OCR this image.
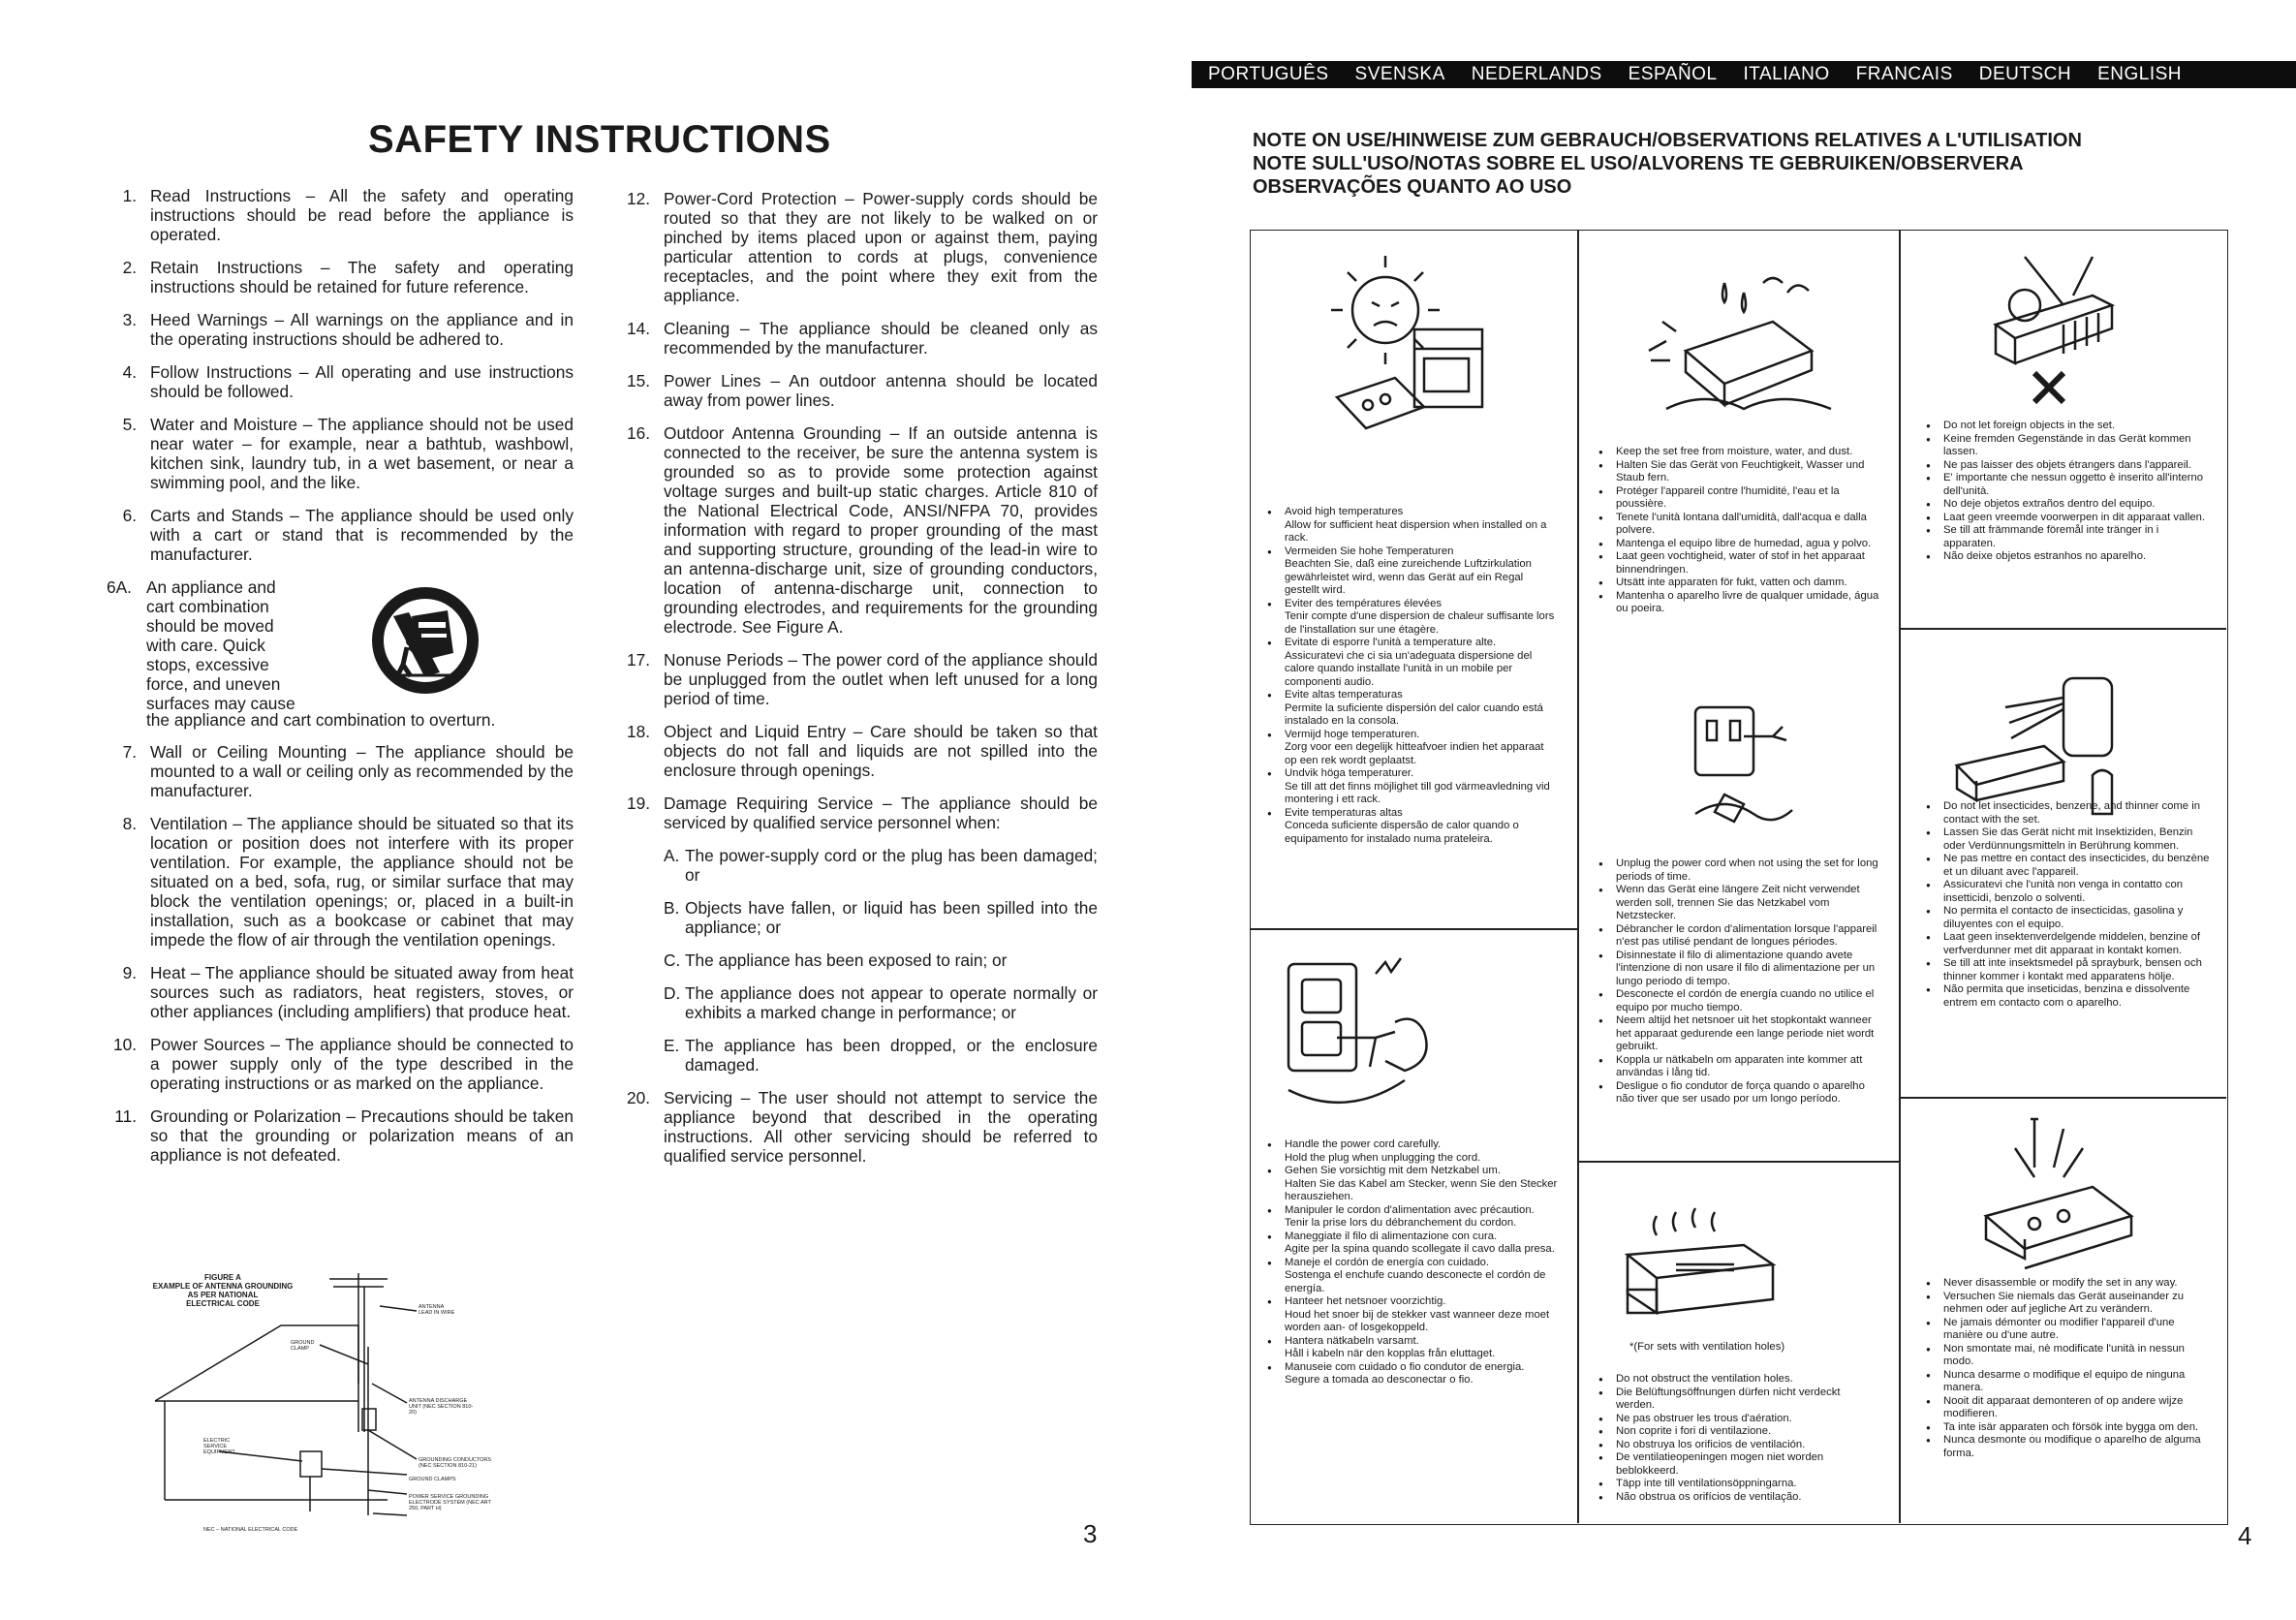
SAFETY INSTRUCTIONS
1. Read Instructions – All the safety and operating instructions should be read before the appliance is operated.
2. Retain Instructions – The safety and operating instructions should be retained for future reference.
3. Heed Warnings – All warnings on the appliance and in the operating instructions should be adhered to.
4. Follow Instructions – All operating and use instructions should be followed.
5. Water and Moisture – The appliance should not be used near water – for example, near a bathtub, washbowl, kitchen sink, laundry tub, in a wet basement, or near a swimming pool, and the like.
6. Carts and Stands – The appliance should be used only with a cart or stand that is recommended by the manufacturer.
6A. An appliance and cart combination should be moved with care. Quick stops, excessive force, and uneven surfaces may cause
the appliance and cart combination to overturn.
7. Wall or Ceiling Mounting – The appliance should be mounted to a wall or ceiling only as recommended by the manufacturer.
8. Ventilation – The appliance should be situated so that its location or position does not interfere with its proper ventilation. For example, the appliance should not be situated on a bed, sofa, rug, or similar surface that may block the ventilation openings; or, placed in a built-in installation, such as a bookcase or cabinet that may impede the flow of air through the ventilation openings.
9. Heat – The appliance should be situated away from heat sources such as radiators, heat registers, stoves, or other appliances (including amplifiers) that produce heat.
10. Power Sources – The appliance should be connected to a power supply only of the type described in the operating instructions or as marked on the appliance.
11. Grounding or Polarization – Precautions should be taken so that the grounding or polarization means of an appliance is not defeated.
12. Power-Cord Protection – Power-supply cords should be routed so that they are not likely to be walked on or pinched by items placed upon or against them, paying particular attention to cords at plugs, convenience receptacles, and the point where they exit from the appliance.
14. Cleaning – The appliance should be cleaned only as recommended by the manufacturer.
15. Power Lines – An outdoor antenna should be located away from power lines.
16. Outdoor Antenna Grounding – If an outside antenna is connected to the receiver, be sure the antenna system is grounded so as to provide some protection against voltage surges and built-up static charges. Article 810 of the National Electrical Code, ANSI/NFPA 70, provides information with regard to proper grounding of the mast and supporting structure, grounding of the lead-in wire to an antenna-discharge unit, size of grounding conductors, location of antenna-discharge unit, connection to grounding electrodes, and requirements for the grounding electrode. See Figure A.
17. Nonuse Periods – The power cord of the appliance should be unplugged from the outlet when left unused for a long period of time.
18. Object and Liquid Entry – Care should be taken so that objects do not fall and liquids are not spilled into the enclosure through openings.
19. Damage Requiring Service – The appliance should be serviced by qualified service personnel when:
A. The power-supply cord or the plug has been damaged; or
B. Objects have fallen, or liquid has been spilled into the appliance; or
C. The appliance has been exposed to rain; or
D. The appliance does not appear to operate normally or exhibits a marked change in performance; or
E. The appliance has been dropped, or the enclosure damaged.
20. Servicing – The user should not attempt to service the appliance beyond that described in the operating instructions. All other servicing should be referred to qualified service personnel.
FIGURE A
EXAMPLE OF ANTENNA GROUNDING
AS PER NATIONAL
ELECTRICAL CODE	ANTENNA LEAD IN WIRE
GROUND CLAMP
ANTENNA DISCHARGE UNIT (NEC SECTION 810-20)
ELECTRIC SERVICE EQUIPMENT
GROUNDING CONDUCTORS (NEC SECTION 810-21)
GROUND CLAMPS
POWER SERVICE GROUNDING ELECTRODE SYSTEM (NEC ART 250, PART H)
NEC – NATIONAL ELECTRICAL CODE	3
PORTUGUÊS SVENSKA NEDERLANDS ESPAÑOL ITALIANO FRANCAIS DEUTSCH ENGLISH
NOTE ON USE/HINWEISE ZUM GEBRAUCH/OBSERVATIONS RELATIVES A L'UTILISATION
NOTE SULL'USO/NOTAS SOBRE EL USO/ALVORENS TE GEBRUIKEN/OBSERVERA
OBSERVAÇÕES QUANTO AO USO
● Avoid high temperatures
Allow for sufficient heat dispersion when installed on a rack.
● Vermeiden Sie hohe Temperaturen
Beachten Sie, daß eine zureichende Luftzirkulation gewährleistet wird, wenn das Gerät auf ein Regal gestellt wird.
● Eviter des températures élevées
Tenir compte d'une dispersion de chaleur suffisante lors de l'installation sur une étagère.
● Evitate di esporre l'unità a temperature alte.
Assicuratevi che ci sia un'adeguata dispersione del calore quando installate l'unità in un mobile per componenti audio.
● Evite altas temperaturas
Permite la suficiente dispersión del calor cuando está instalado en la consola.
● Vermijd hoge temperaturen.
Zorg voor een degelijk hitteafvoer indien het apparaat op een rek wordt geplaatst.
● Undvik höga temperaturer.
Se till att det finns möjlighet till god värmeavledning vid montering i ett rack.
● Evite temperaturas altas
Conceda suficiente dispersão de calor quando o equipamento for instalado numa prateleira.
● Keep the set free from moisture, water, and dust.
● Halten Sie das Gerät von Feuchtigkeit, Wasser und Staub fern.
● Protéger l'appareil contre l'humidité, l'eau et la poussière.
● Tenete l'unità lontana dall'umidità, dall'acqua e dalla polvere.
● Mantenga el equipo libre de humedad, agua y polvo.
● Laat geen vochtigheid, water of stof in het apparaat binnendringen.
● Utsätt inte apparaten för fukt, vatten och damm.
● Mantenha o aparelho livre de qualquer umidade, água ou poeira.
● Do not let foreign objects in the set.
● Keine fremden Gegenstände in das Gerät kommen lassen.
● Ne pas laisser des objets étrangers dans l'appareil.
● E' importante che nessun oggetto è inserito all'interno dell'unità.
● No deje objetos extraños dentro del equipo.
● Laat geen vreemde voorwerpen in dit apparaat vallen.
● Se till att främmande föremål inte tränger in i apparaten.
● Não deixe objetos estranhos no aparelho.
● Unplug the power cord when not using the set for long periods of time.
● Wenn das Gerät eine längere Zeit nicht verwendet werden soll, trennen Sie das Netzkabel vom Netzstecker.
● Débrancher le cordon d'alimentation lorsque l'appareil n'est pas utilisé pendant de longues périodes.
● Disinnestate il filo di alimentazione quando avete l'intenzione di non usare il filo di alimentazione per un lungo periodo di tempo.
● Desconecte el cordón de energía cuando no utilice el equipo por mucho tiempo.
● Neem altijd het netsnoer uit het stopkontakt wanneer het apparaat gedurende een lange periode niet wordt gebruikt.
● Koppla ur nätkabeln om apparaten inte kommer att användas i lång tid.
● Desligue o fio condutor de força quando o aparelho não tiver que ser usado por um longo período.
● Do not let insecticides, benzene, and thinner come in contact with the set.
● Lassen Sie das Gerät nicht mit Insektiziden, Benzin oder Verdünnungsmitteln in Berührung kommen.
● Ne pas mettre en contact des insecticides, du benzène et un diluant avec l'appareil.
● Assicuratevi che l'unità non venga in contatto con insetticidi, benzolo o solventi.
● No permita el contacto de insecticidas, gasolina y diluyentes con el equipo.
● Laat geen insektenverdelgende middelen, benzine of verfverdunner met dit apparaat in kontakt komen.
● Se till att inte insektsmedel på sprayburk, bensen och thinner kommer i kontakt med apparatens hölje.
● Não permita que inseticidas, benzina e dissolvente entrem em contacto com o aparelho.
● Handle the power cord carefully.
Hold the plug when unplugging the cord.
● Gehen Sie vorsichtig mit dem Netzkabel um.
Halten Sie das Kabel am Stecker, wenn Sie den Stecker herausziehen.
● Manipuler le cordon d'alimentation avec précaution.
Tenir la prise lors du débranchement du cordon.
● Maneggiate il filo di alimentazione con cura.
Agite per la spina quando scollegate il cavo dalla presa.
● Maneje el cordón de energía con cuidado.
Sostenga el enchufe cuando desconecte el cordón de energía.
● Hanteer het netsnoer voorzichtig.
Houd het snoer bij de stekker vast wanneer deze moet worden aan- of losgekoppeld.
● Hantera nätkabeln varsamt.
Håll i kabeln när den kopplas från eluttaget.
● Manuseie com cuidado o fio condutor de energia.
Segure a tomada ao desconectar o fio.
*(For sets with ventilation holes)
● Do not obstruct the ventilation holes.
● Die Belüftungsöffnungen dürfen nicht verdeckt werden.
● Ne pas obstruer les trous d'aération.
● Non coprite i fori di ventilazione.
● No obstruya los orificios de ventilación.
● De ventilatieopeningen mogen niet worden beblokkeerd.
● Täpp inte till ventilationsöppningarna.
● Não obstrua os orifícios de ventilação.
● Never disassemble or modify the set in any way.
● Versuchen Sie niemals das Gerät auseinander zu nehmen oder auf jegliche Art zu verändern.
● Ne jamais démonter ou modifier l'appareil d'une manière ou d'une autre.
● Non smontate mai, nè modificate l'unità in nessun modo.
● Nunca desarme o modifique el equipo de ninguna manera.
● Nooit dit apparaat demonteren of op andere wijze modifieren.
● Ta inte isär apparaten och försök inte bygga om den.
● Nunca desmonte ou modifique o aparelho de alguma forma.
4
